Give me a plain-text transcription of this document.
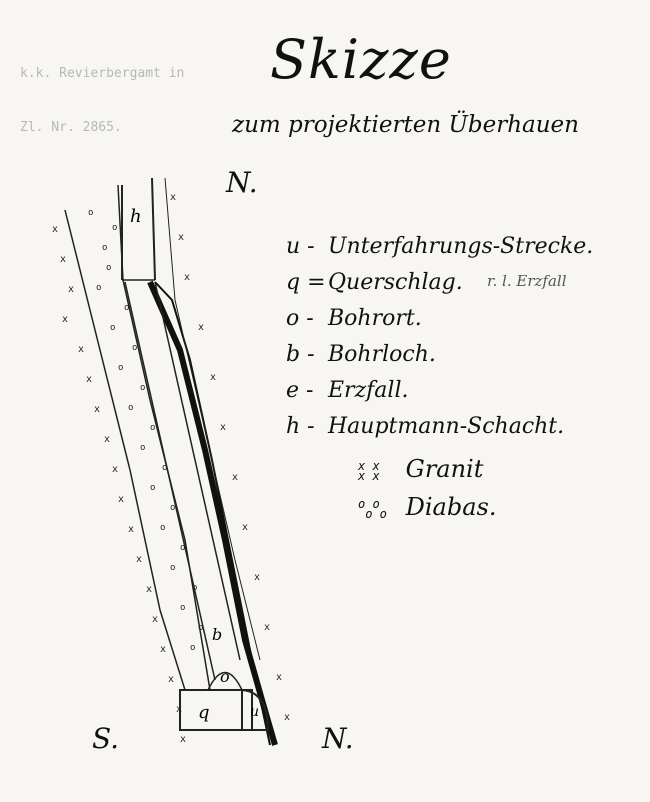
k.k. Revierbergamt in
Zl. Nr. 2865.
Skizze
zum projektierten Überhauen
N.
u - Unterfahrungs-Strecke.
q = Querschlag.
o - Bohrort.
b - Bohrloch.
e - Erzfall.
h - Hauptmann-Schacht.
r. l. Erzfall
x x
x x Granit
o o
o o Diabas.
x
x
x
x
x
x
x
x
x
x
x
x
x
x
x
x
x
x
x
x
x
x
x
x
x
x
x
x
x
x
o
o
o
o
o
o
o
o
o
o
o
o
o
o
o
o
o
o
o
o
o
o
o
h
b
o
q	u
S.	N.
